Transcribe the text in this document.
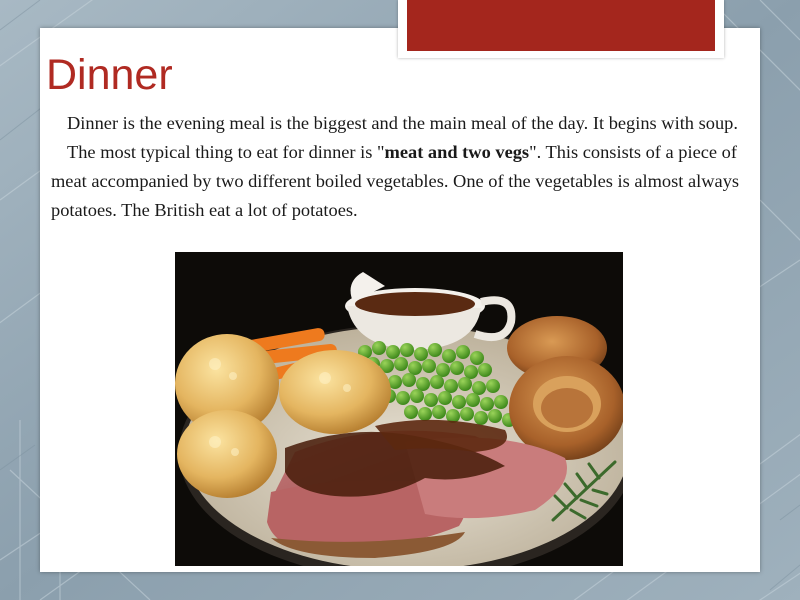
Dinner

Dinner is the evening meal is the biggest and the main meal of the day. It begins with soup.

The most typical thing to eat for dinner is "meat and two vegs". This consists of a piece of meat accompanied by two different boiled vegetables. One of the vegetables is almost always potatoes. The British eat a lot of potatoes.
